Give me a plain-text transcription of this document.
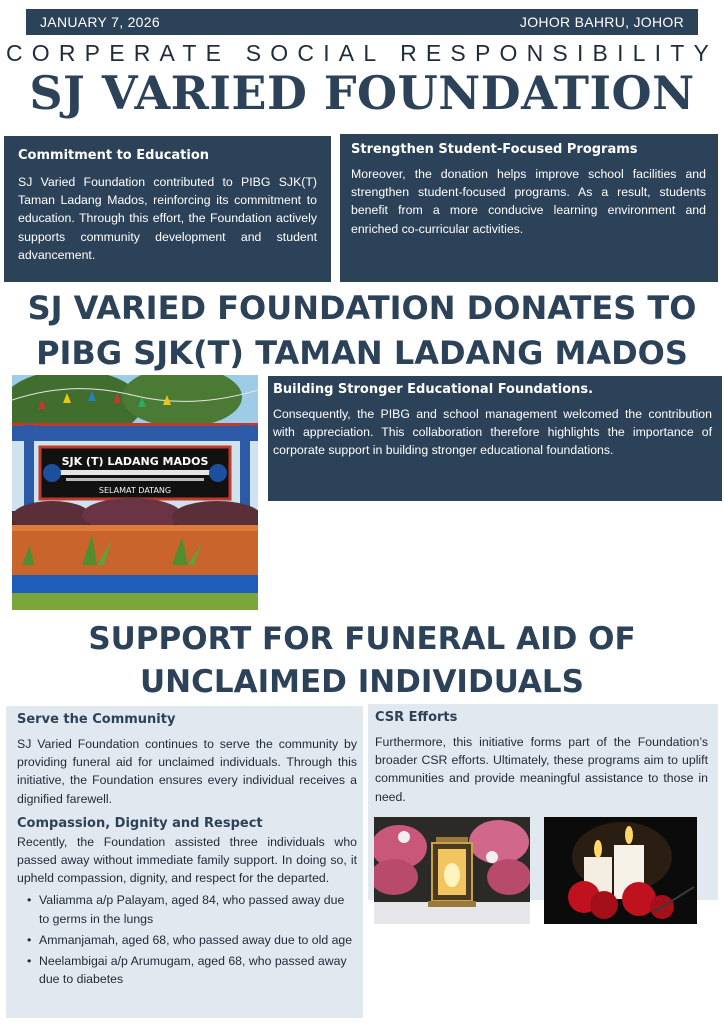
JANUARY 7, 2026	JOHOR BAHRU, JOHOR
CORPERATE SOCIAL RESPONSIBILITY
SJ VARIED FOUNDATION
Commitment to Education

SJ Varied Foundation contributed to PIBG SJK(T) Taman Ladang Mados, reinforcing its commitment to education. Through this effort, the Foundation actively supports community development and student advancement.

Strengthen Student-Focused Programs

Moreover, the donation helps improve school facilities and strengthen student-focused programs. As a result, students benefit from a more conducive learning environment and enriched co-curricular activities.

SJ VARIED FOUNDATION DONATES TO
PIBG SJK(T) TAMAN LADANG MADOS
SJK (T) LADANG MADOS
SELAMAT DATANG
Building Stronger Educational Foundations.

Consequently, the PIBG and school management welcomed the contribution with appreciation. This collaboration therefore highlights the importance of corporate support in building stronger educational foundations.

SUPPORT FOR FUNERAL AID OF
UNCLAIMED INDIVIDUALS
Serve the Community

SJ Varied Foundation continues to serve the community by providing funeral aid for unclaimed individuals. Through this initiative, the Foundation ensures every individual receives a dignified farewell.

Compassion, Dignity and Respect

Recently, the Foundation assisted three individuals who passed away without immediate family support. In doing so, it upheld compassion, dignity, and respect for the departed.

• Valiamma a/p Palayam, aged 84, who passed away due to germs in the lungs
• Ammanjamah, aged 68, who passed away due to old age
• Neelambigai a/p Arumugam, aged 68, who passed away due to diabetes
CSR Efforts

Furthermore, this initiative forms part of the Foundation’s broader CSR efforts. Ultimately, these programs aim to uplift communities and provide meaningful assistance to those in need.
